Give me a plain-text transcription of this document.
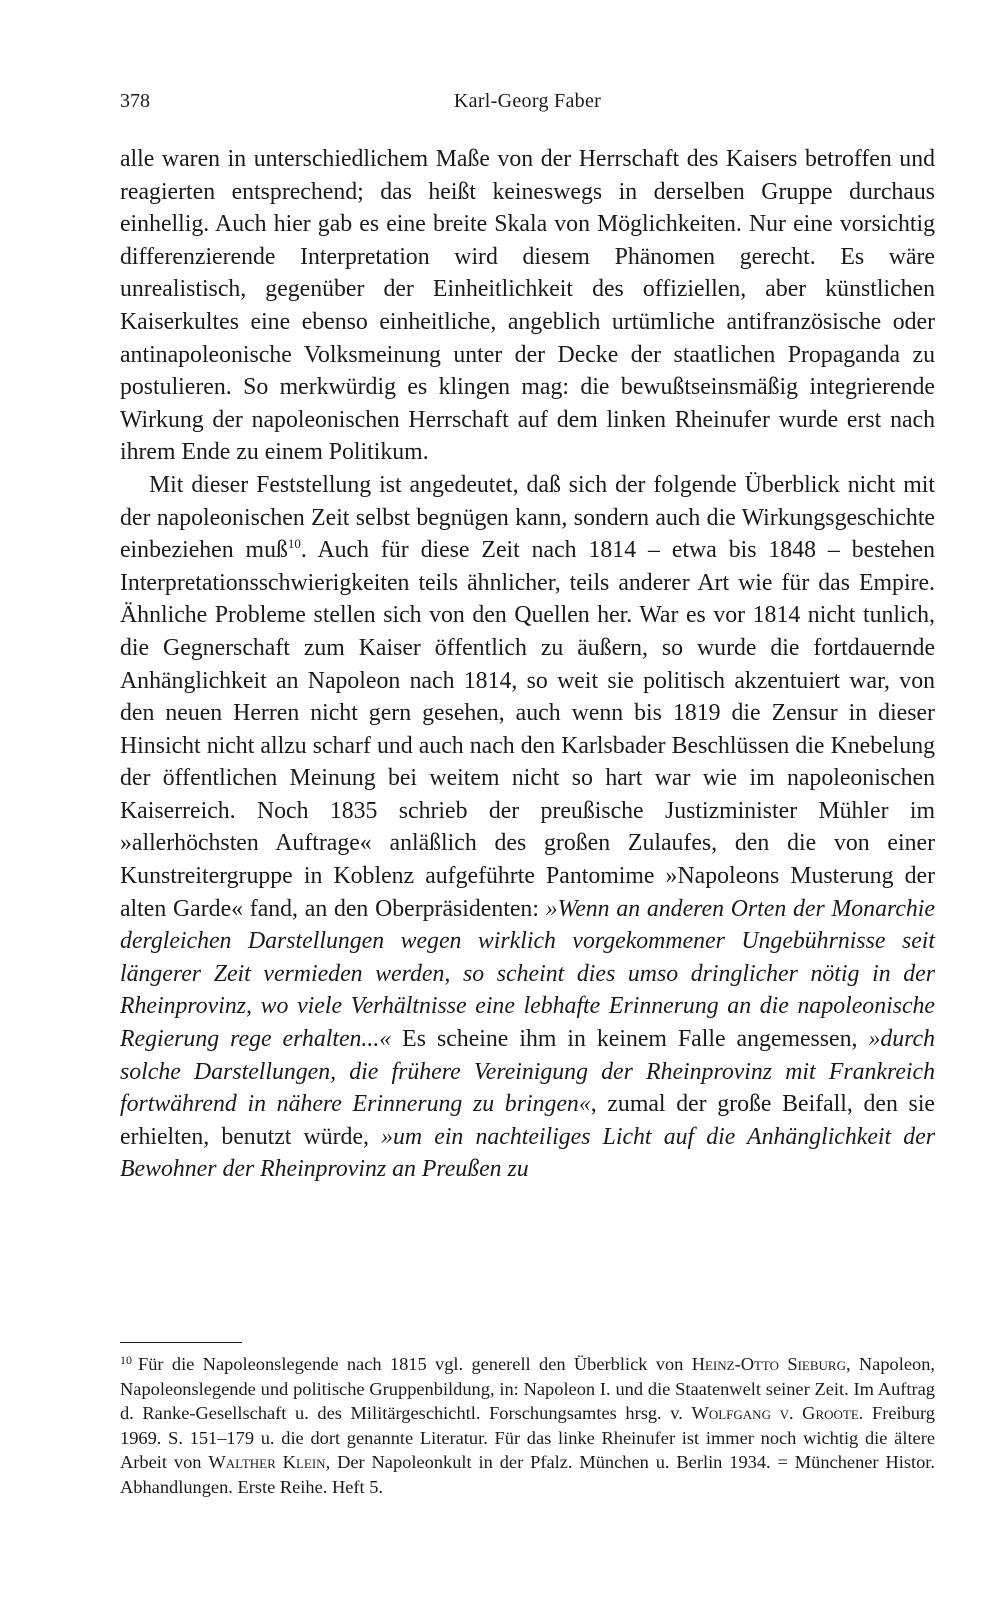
378	Karl-Georg Faber

alle waren in unterschiedlichem Maße von der Herrschaft des Kaisers betroffen und reagierten entsprechend; das heißt keineswegs in derselben Gruppe durchaus einhellig. Auch hier gab es eine breite Skala von Möglichkeiten. Nur eine vorsichtig differenzierende Interpretation wird diesem Phänomen gerecht. Es wäre unrealistisch, gegenüber der Einheitlichkeit des offiziellen, aber künstlichen Kaiserkultes eine ebenso einheitliche, angeblich urtümliche antifranzösische oder antinapoleonische Volksmeinung unter der Decke der staatlichen Propaganda zu postulieren. So merkwürdig es klingen mag: die bewußtseinsmäßig integrierende Wirkung der napoleonischen Herrschaft auf dem linken Rheinufer wurde erst nach ihrem Ende zu einem Politikum.

Mit dieser Feststellung ist angedeutet, daß sich der folgende Überblick nicht mit der napoleonischen Zeit selbst begnügen kann, sondern auch die Wirkungsgeschichte einbeziehen muß$^{10}$. Auch für diese Zeit nach 1814 – etwa bis 1848 – bestehen Interpretationsschwierigkeiten teils ähnlicher, teils anderer Art wie für das Empire. Ähnliche Probleme stellen sich von den Quellen her. War es vor 1814 nicht tunlich, die Gegnerschaft zum Kaiser öffentlich zu äußern, so wurde die fortdauernde Anhänglichkeit an Napoleon nach 1814, so weit sie politisch akzentuiert war, von den neuen Herren nicht gern gesehen, auch wenn bis 1819 die Zensur in dieser Hinsicht nicht allzu scharf und auch nach den Karlsbader Beschlüssen die Knebelung der öffentlichen Meinung bei weitem nicht so hart war wie im napoleonischen Kaiserreich. Noch 1835 schrieb der preußische Justizminister Mühler im »allerhöchsten Auftrage« anläßlich des großen Zulaufes, den die von einer Kunstreitergruppe in Koblenz aufgeführte Pantomime »Napoleons Musterung der alten Garde« fand, an den Oberpräsidenten: »Wenn an anderen Orten der Monarchie dergleichen Darstellungen wegen wirklich vorgekommener Ungebührnisse seit längerer Zeit vermieden werden, so scheint dies umso dringlicher nötig in der Rheinprovinz, wo viele Verhältnisse eine lebhafte Erinnerung an die napoleonische Regierung rege erhalten...« Es scheine ihm in keinem Falle angemessen, »durch solche Darstellungen, die frühere Vereinigung der Rheinprovinz mit Frankreich fortwährend in nähere Erinnerung zu bringen«, zumal der große Beifall, den sie erhielten, benutzt würde, »um ein nachteiliges Licht auf die Anhänglichkeit der Bewohner der Rheinprovinz an Preußen zu

$^{10}$ Für die Napoleonslegende nach 1815 vgl. generell den Überblick von Heinz-Otto Sieburg, Napoleon, Napoleonslegende und politische Gruppenbildung, in: Napoleon I. und die Staatenwelt seiner Zeit. Im Auftrag d. Ranke-Gesellschaft u. des Militärgeschichtl. Forschungsamtes hrsg. v. Wolfgang v. Groote. Freiburg 1969. S. 151–179 u. die dort genannte Literatur. Für das linke Rheinufer ist immer noch wichtig die ältere Arbeit von Walther Klein, Der Napoleonkult in der Pfalz. München u. Berlin 1934. = Münchener Histor. Abhandlungen. Erste Reihe. Heft 5.
